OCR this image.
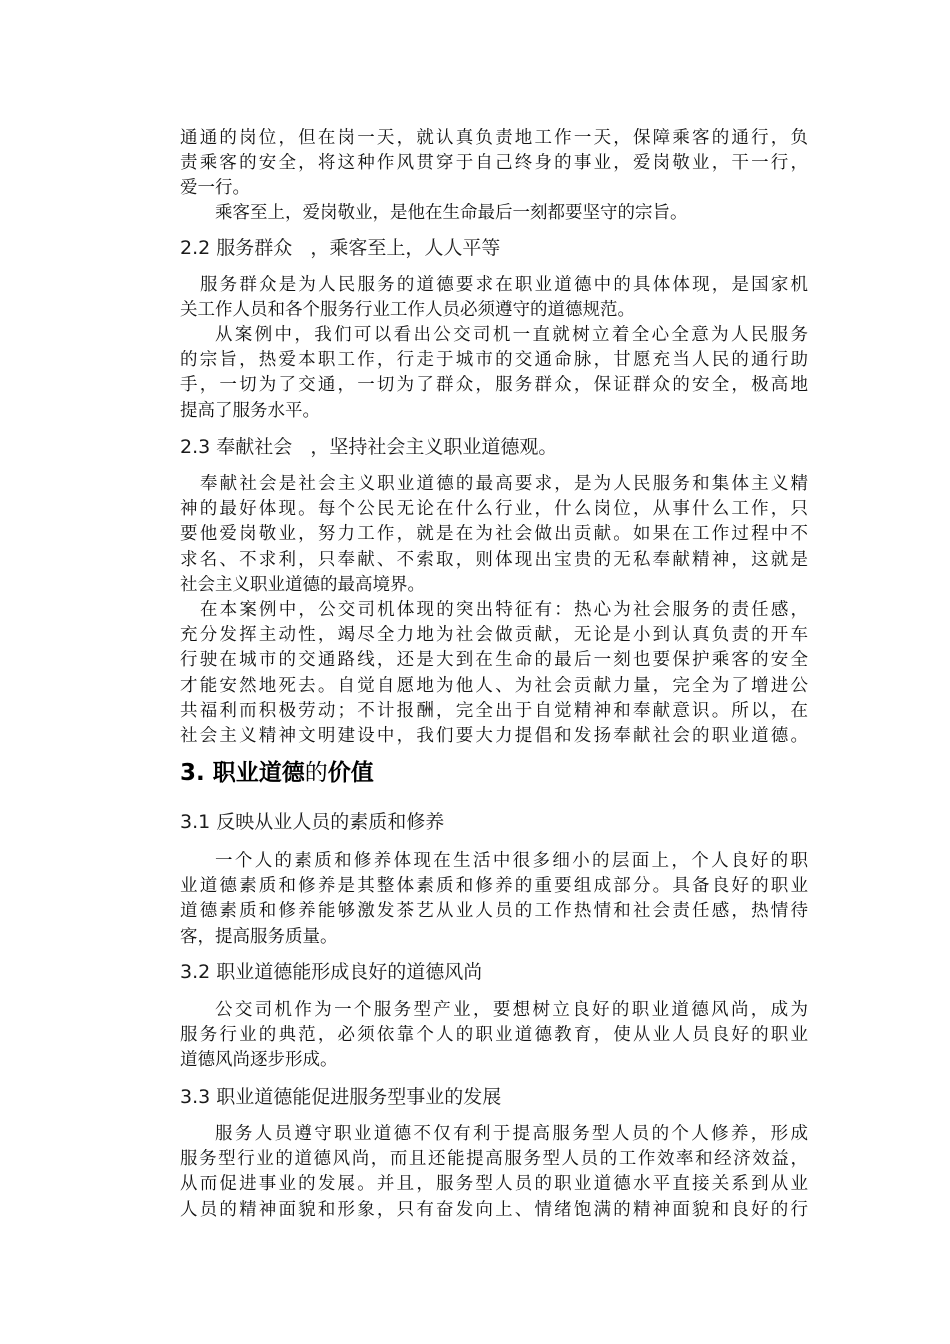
通通的岗位，但在岗一天，就认真负责地工作一天，保障乘客的通行，负
责乘客的安全，将这种作风贯穿于自己终身的事业，爱岗敬业，干一行，
爱一行。
乘客至上，爱岗敬业，是他在生命最后一刻都要坚守的宗旨。
2.2 服务群众   ，乘客至上，人人平等
服务群众是为人民服务的道德要求在职业道德中的具体体现，是国家机
关工作人员和各个服务行业工作人员必须遵守的道德规范。
从案例中，我们可以看出公交司机一直就树立着全心全意为人民服务
的宗旨，热爱本职工作，行走于城市的交通命脉，甘愿充当人民的通行助
手，一切为了交通，一切为了群众，服务群众，保证群众的安全，极高地
提高了服务水平。
2.3 奉献社会   ，坚持社会主义职业道德观。
奉献社会是社会主义职业道德的最高要求，是为人民服务和集体主义精
神的最好体现。每个公民无论在什么行业，什么岗位，从事什么工作，只
要他爱岗敬业，努力工作，就是在为社会做出贡献。如果在工作过程中不
求名、不求利，只奉献、不索取，则体现出宝贵的无私奉献精神，这就是
社会主义职业道德的最高境界。
在本案例中，公交司机体现的突出特征有：热心为社会服务的责任感，
充分发挥主动性，竭尽全力地为社会做贡献，无论是小到认真负责的开车
行驶在城市的交通路线，还是大到在生命的最后一刻也要保护乘客的安全
才能安然地死去。自觉自愿地为他人、为社会贡献力量，完全为了增进公
共福利而积极劳动；不计报酬，完全出于自觉精神和奉献意识。所以，在
社会主义精神文明建设中，我们要大力提倡和发扬奉献社会的职业道德。
3. 职业道德的价值
3.1 反映从业人员的素质和修养
一个人的素质和修养体现在生活中很多细小的层面上，个人良好的职
业道德素质和修养是其整体素质和修养的重要组成部分。具备良好的职业
道德素质和修养能够激发茶艺从业人员的工作热情和社会责任感，热情待
客，提高服务质量。
3.2 职业道德能形成良好的道德风尚
公交司机作为一个服务型产业，要想树立良好的职业道德风尚，成为
服务行业的典范，必须依靠个人的职业道德教育，使从业人员良好的职业
道德风尚逐步形成。
3.3 职业道德能促进服务型事业的发展
服务人员遵守职业道德不仅有利于提高服务型人员的个人修养，形成
服务型行业的道德风尚，而且还能提高服务型人员的工作效率和经济效益，
从而促进事业的发展。并且，服务型人员的职业道德水平直接关系到从业
人员的精神面貌和形象，只有奋发向上、情绪饱满的精神面貌和良好的行
